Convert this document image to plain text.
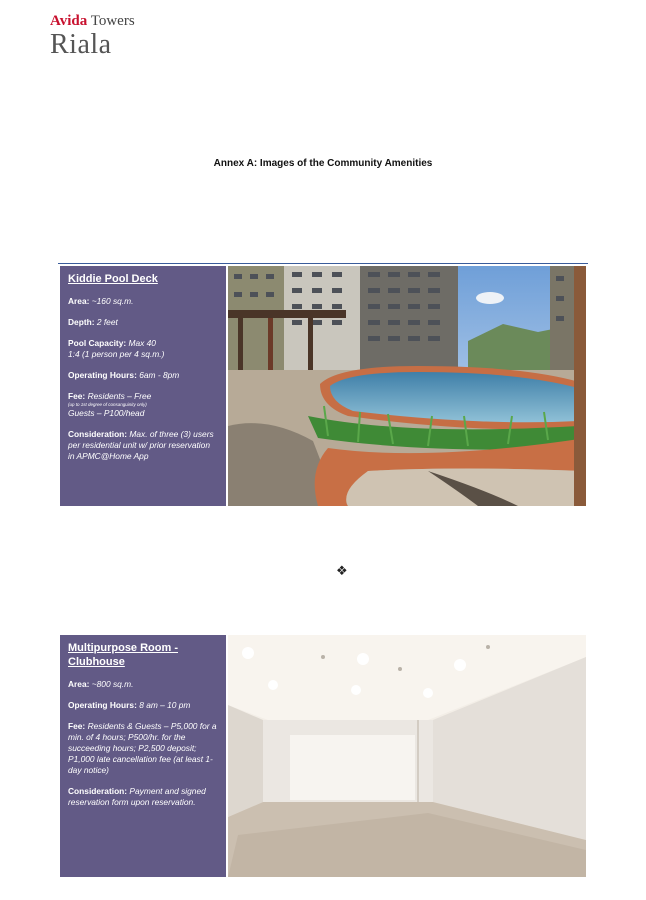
Avida Towers
Riala
Annex A: Images of the Community Amenities
Kiddie Pool Deck

Area: ~160 sq.m.

Depth: 2 feet

Pool Capacity: Max 40
1:4 (1 person per 4 sq.m.)

Operating Hours: 6am - 8pm

Fee: Residents – Free
(up to 1st degree of consanguinity only)
Guests – P100/head

Consideration: Max. of three (3) users per residential unit w/ prior reservation in APMC@Home App

❖
Multipurpose Room - Clubhouse

Area: ~800 sq.m.

Operating Hours: 8 am – 10 pm

Fee: Residents & Guests – P5,000 for a min. of 4 hours; P500/hr. for the succeeding hours; P2,500 deposit; P1,000 late cancellation fee (at least 1-day notice)

Consideration: Payment and signed reservation form upon reservation.
